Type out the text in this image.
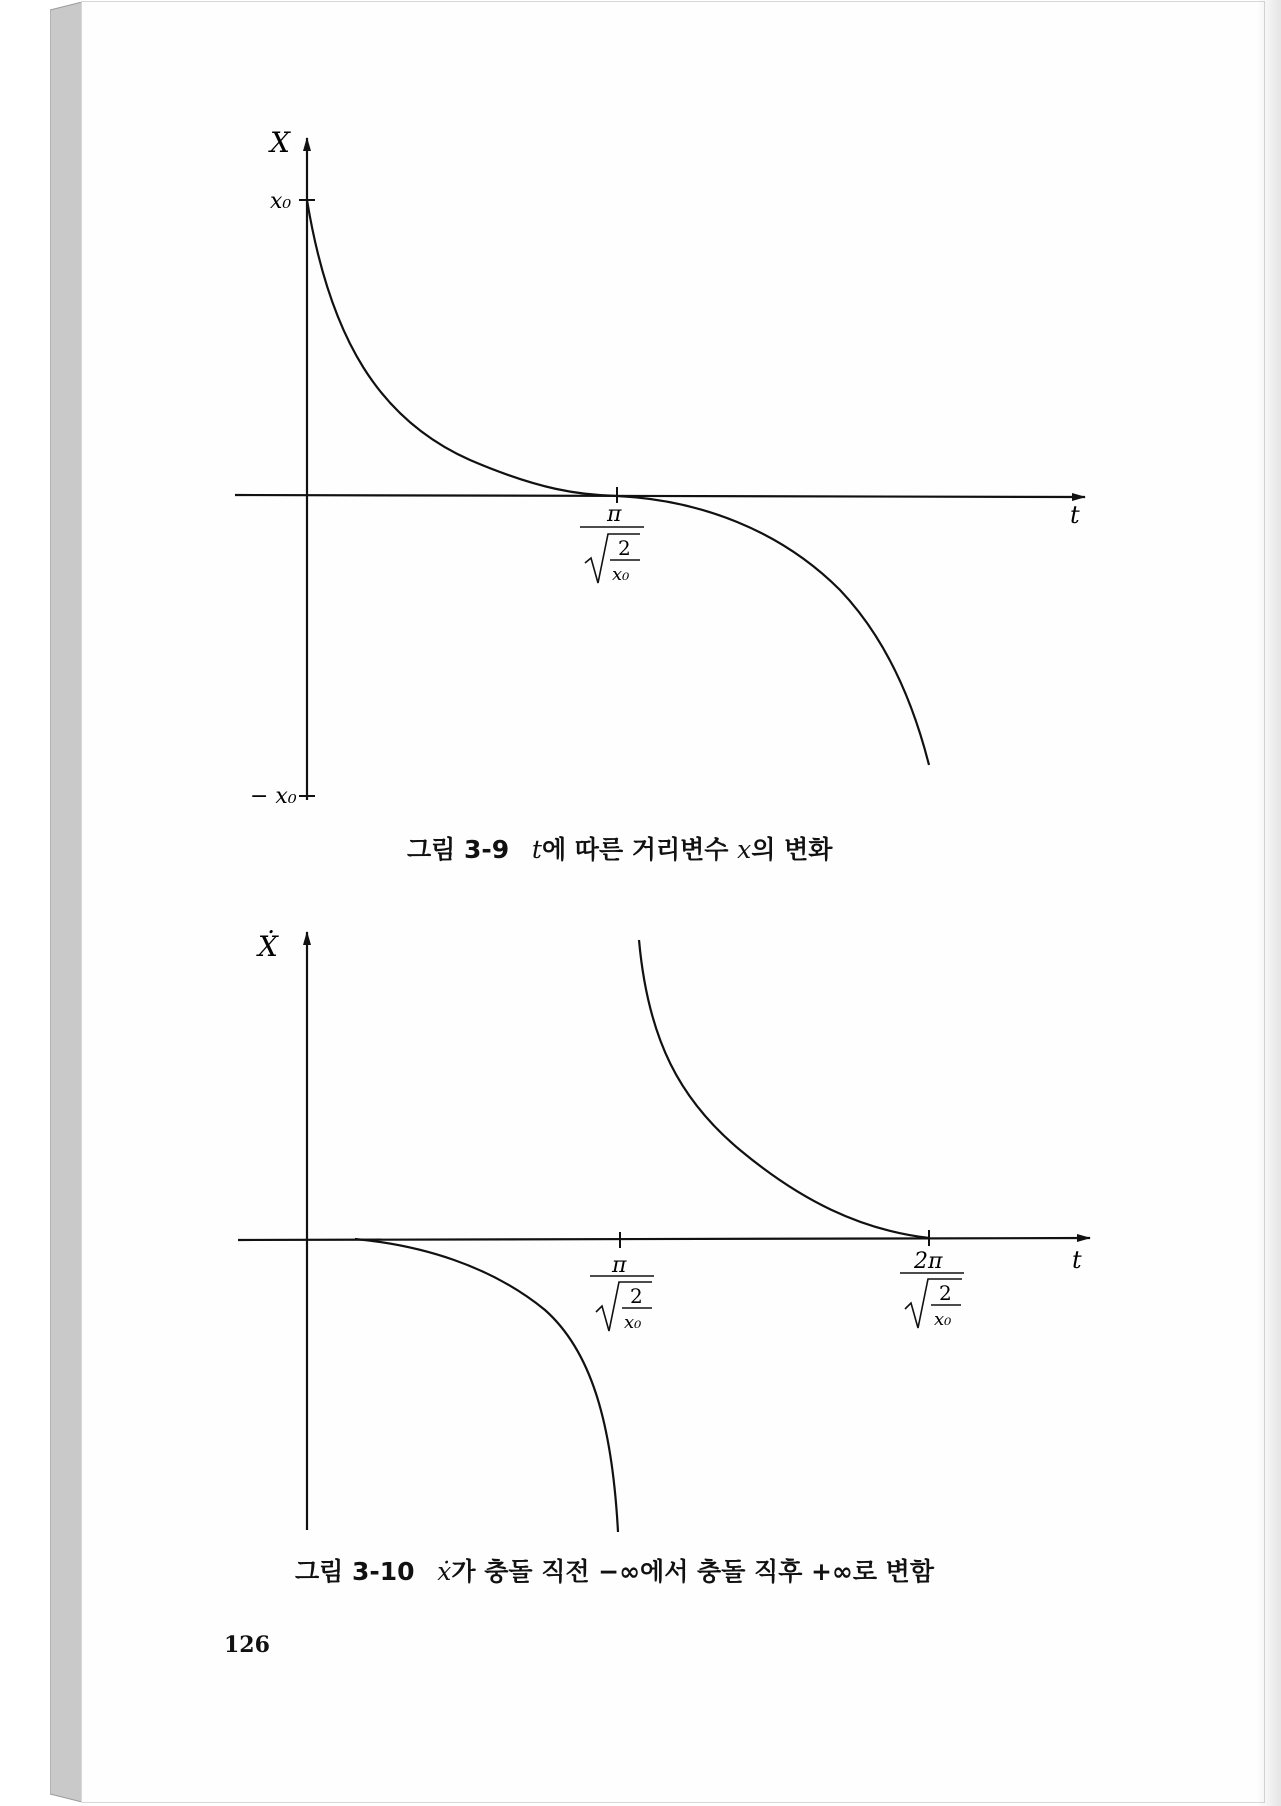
X
x₀
− x₀
t
π
2
x₀
그림 3-9 t에 따른 거리변수 x의 변화
Ẋ
t
π
2
x₀
2π
2
x₀
그림 3-10 ẋ가 충돌 직전 −∞에서 충돌 직후 +∞로 변함
126
